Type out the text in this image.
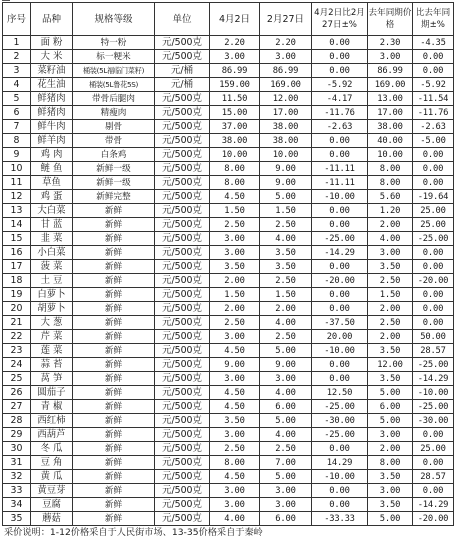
序号	品种	规格等级	单位	4月2日	2月27日	4月2日比2月27日±%	去年同期价格	比去年同期±%
1	面 粉	特一粉	元/500克	2.20	2.20	0.00	2.30	-4.35
2	大 米	标一粳米	元/500克	3.00	3.00	0.00	3.00	0.00
3	菜籽油	桶装(5L福临门菜籽)	元/桶	86.99	86.99	0.00	86.99	0.00
4	花生油	桶装(5L鲁花5S)	元/桶	159.00	169.00	-5.92	169.00	-5.92
5	鲜猪肉	带骨后腿肉	元/500克	11.50	12.00	-4.17	13.00	-11.54
6	鲜猪肉	精瘦肉	元/500克	15.00	17.00	-11.76	17.00	-11.76
7	鲜牛肉	剔骨	元/500克	37.00	38.00	-2.63	38.00	-2.63
8	鲜羊肉	带骨	元/500克	38.00	38.00	0.00	40.00	-5.00
9	鸡 肉	白条鸡	元/500克	10.00	10.00	0.00	10.00	0.00
10	鲢 鱼	新鲜一级	元/500克	8.00	9.00	-11.11	8.00	0.00
11	草鱼	新鲜一级	元/500克	8.00	9.00	-11.11	8.00	0.00
12	鸡 蛋	新鲜完整	元/500克	4.50	5.00	-10.00	5.60	-19.64
13	大白菜	新鲜	元/500克	1.50	1.50	0.00	1.20	25.00
14	甘 蓝	新鲜	元/500克	2.50	2.50	0.00	2.00	25.00
15	韭 菜	新鲜	元/500克	3.00	4.00	-25.00	4.00	-25.00
16	小白菜	新鲜	元/500克	3.00	3.50	-14.29	3.00	0.00
17	菠 菜	新鲜	元/500克	3.50	3.50	0.00	3.50	0.00
18	土 豆	新鲜	元/500克	2.00	2.50	-20.00	2.50	-20.00
19	白萝卜	新鲜	元/500克	1.50	1.50	0.00	1.50	0.00
20	胡萝卜	新鲜	元/500克	2.00	2.00	0.00	2.00	0.00
21	大 葱	新鲜	元/500克	2.50	4.00	-37.50	2.50	0.00
22	芹 菜	新鲜	元/500克	3.00	2.50	20.00	2.00	50.00
23	莲 菜	新鲜	元/500克	4.50	5.00	-10.00	3.50	28.57
24	蒜 苔	新鲜	元/500克	9.00	9.00	0.00	12.00	-25.00
25	莴 笋	新鲜	元/500克	3.00	3.00	0.00	3.50	-14.29
26	圆茄子	新鲜	元/500克	4.50	4.00	12.50	5.00	-10.00
27	青 椒	新鲜	元/500克	4.50	6.00	-25.00	6.00	-25.00
28	西红柿	新鲜	元/500克	3.50	5.00	-30.00	5.00	-30.00
29	西葫芦	新鲜	元/500克	3.00	4.00	-25.00	3.00	0.00
30	冬 瓜	新鲜	元/500克	2.50	2.50	0.00	2.00	25.00
31	豆 角	新鲜	元/500克	8.00	7.00	14.29	8.00	0.00
32	黄 瓜	新鲜	元/500克	4.50	5.00	-10.00	3.50	28.57
33	黄豆芽	新鲜	元/500克	3.00	3.00	0.00	3.00	0.00
34	豆腐	新鲜	元/500克	3.00	3.00	0.00	3.50	-14.29
35	蘑菇	新鲜	元/500克	4.00	6.00	-33.33	5.00	-20.00
采价说明：1-12价格采自于人民街市场、13-35价格采自于秦岭
